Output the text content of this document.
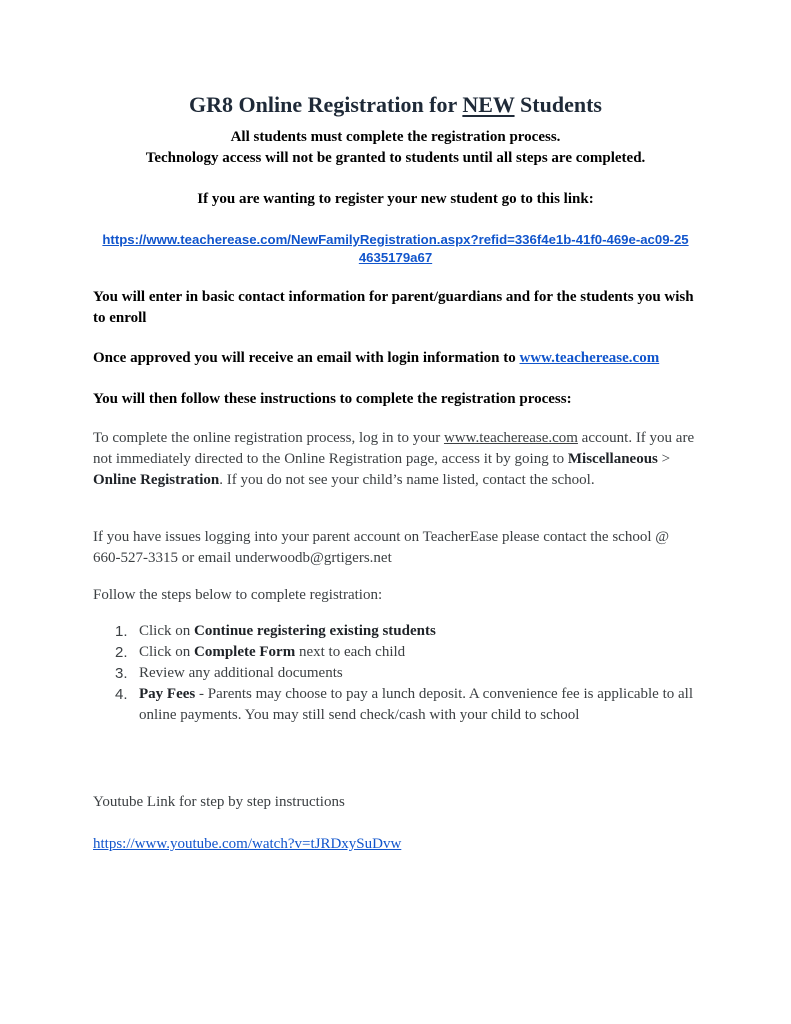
GR8 Online Registration for NEW Students
All students must complete the registration process.
Technology access will not be granted to students until all steps are completed.
If you are wanting to register your new student go to this link:
https://www.teacherease.com/NewFamilyRegistration.aspx?refid=336f4e1b-41f0-469e-ac09-25
4635179a67
You will enter in basic contact information for parent/guardians and for the students you wish to enroll
Once approved you will receive an email with login information to www.teacherease.com
You will then follow these instructions to complete the registration process:
To complete the online registration process, log in to your www.teacherease.com account. If you are not immediately directed to the Online Registration page, access it by going to Miscellaneous > Online Registration. If you do not see your child’s name listed, contact the school.
If you have issues logging into your parent account on TeacherEase please contact the school @ 660-527-3315 or email underwoodb@grtigers.net
Follow the steps below to complete registration:
1. Click on Continue registering existing students
2. Click on Complete Form next to each child
3. Review any additional documents
4. Pay Fees - Parents may choose to pay a lunch deposit. A convenience fee is applicable to all online payments. You may still send check/cash with your child to school
Youtube Link for step by step instructions
https://www.youtube.com/watch?v=tJRDxySuDvw
